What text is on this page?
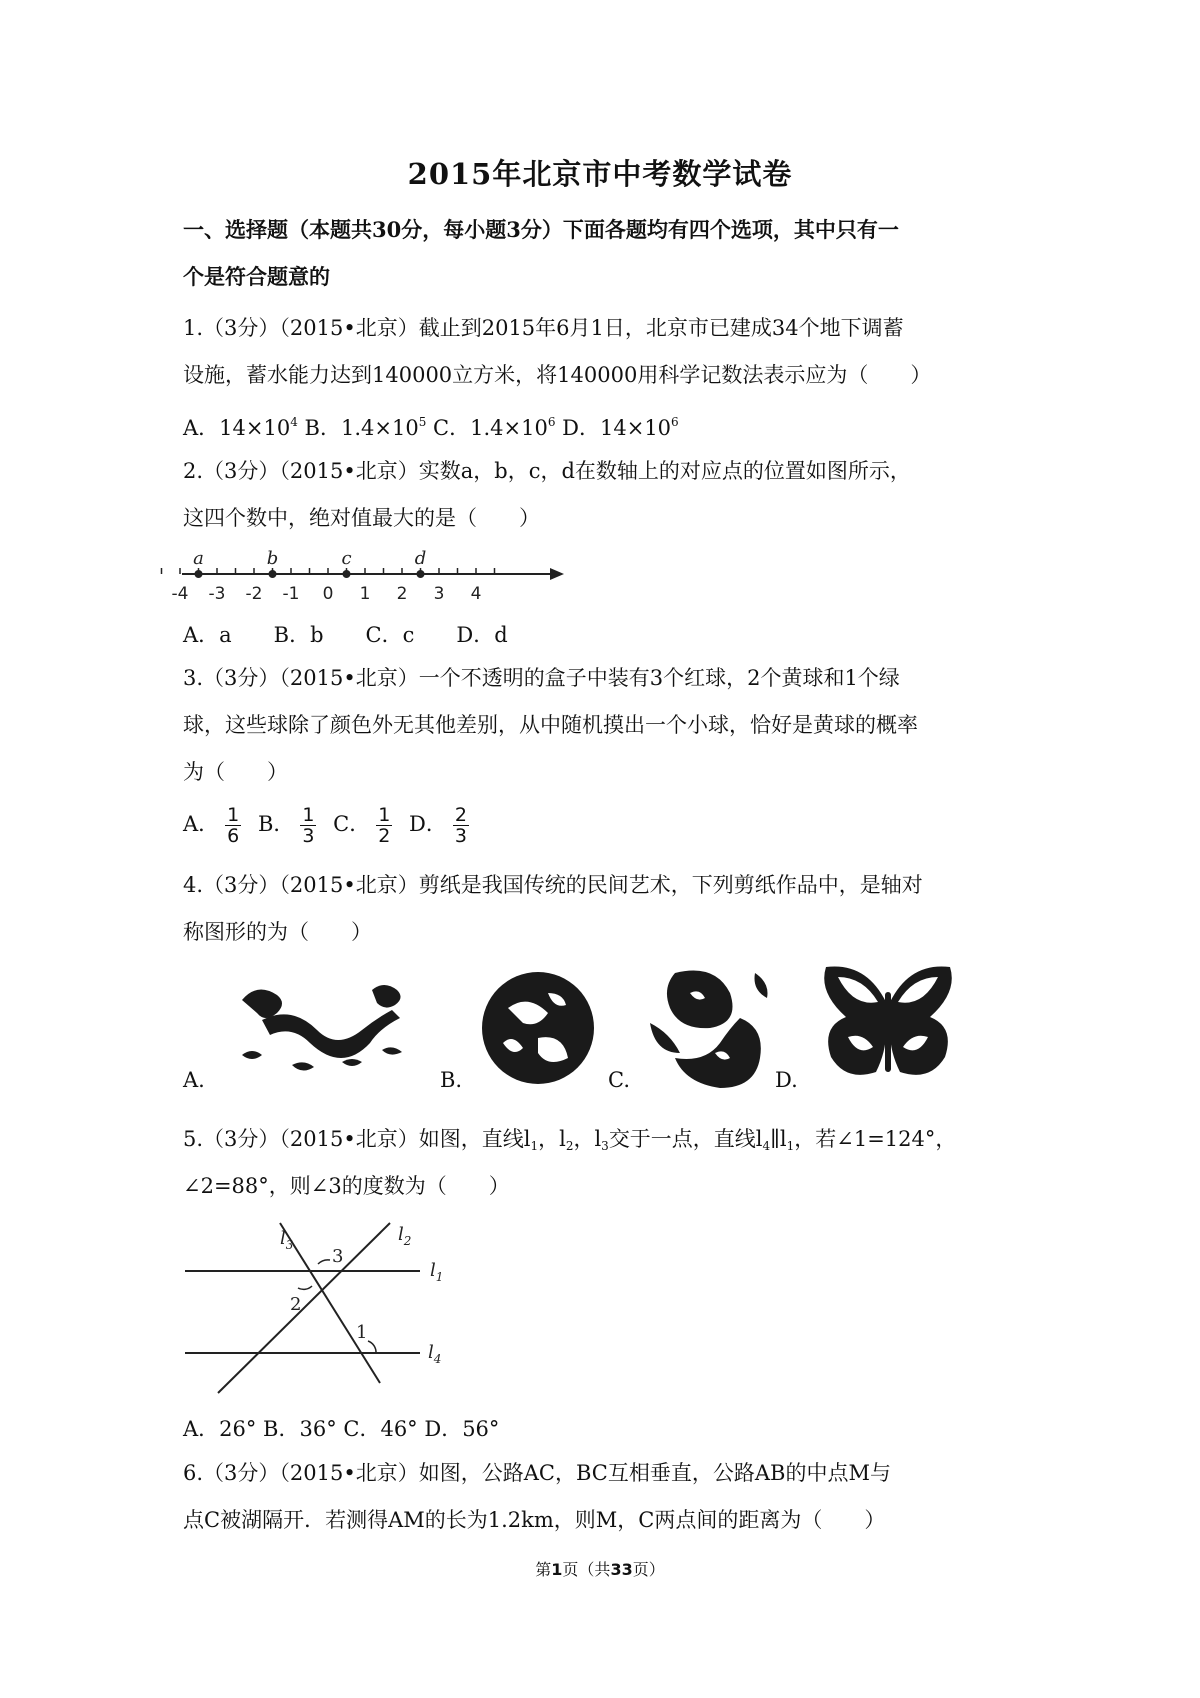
2015年北京市中考数学试卷
一、选择题（本题共30分，每小题3分）下面各题均有四个选项，其中只有一
个是符合题意的
1.（3分）（2015•北京）截止到2015年6月1日，北京市已建成34个地下调蓄
设施，蓄水能力达到140000立方米，将140000用科学记数法表示应为（　　）
A．$14\times 10^4$ B．$1.4\times 10^5$ C．$1.4\times 10^6$ D．$14\times 10^6$
2.（3分）（2015•北京）实数a，b，c，d在数轴上的对应点的位置如图所示，
这四个数中，绝对值最大的是（　　）
-4 -3 -2 -1 0 1 2 3 4
a	b	c	d
A．a　　B．b　　C．c　　D．d
3.（3分）（2015•北京）一个不透明的盒子中装有3个红球，2个黄球和1个绿
球，这些球除了颜色外无其他差别，从中随机摸出一个小球，恰好是黄球的概率
为（　　）
A． $\frac{1}{6}$ B． $\frac{1}{3}$ C． $\frac{1}{2}$ D． $\frac{2}{3}$
4.（3分）（2015•北京）剪纸是我国传统的民间艺术，下列剪纸作品中，是轴对
称图形的为（　　）
A.	B.	C.	D.
5.（3分）（2015•北京）如图，直线$l_1$，$l_2$，$l_3$交于一点，直线$l_4\parallel l_1$，若∠1=124°，
∠2=88°，则∠3的度数为（　　）
$l_3$	$l_2$
$l_1$
$l_4$
3
2
1
A．26° B．36° C．46° D．56°
6.（3分）（2015•北京）如图，公路AC，BC互相垂直，公路AB的中点M与
点C被湖隔开．若测得AM的长为1.2km，则M，C两点间的距离为（　　）
第1页（共33页）
